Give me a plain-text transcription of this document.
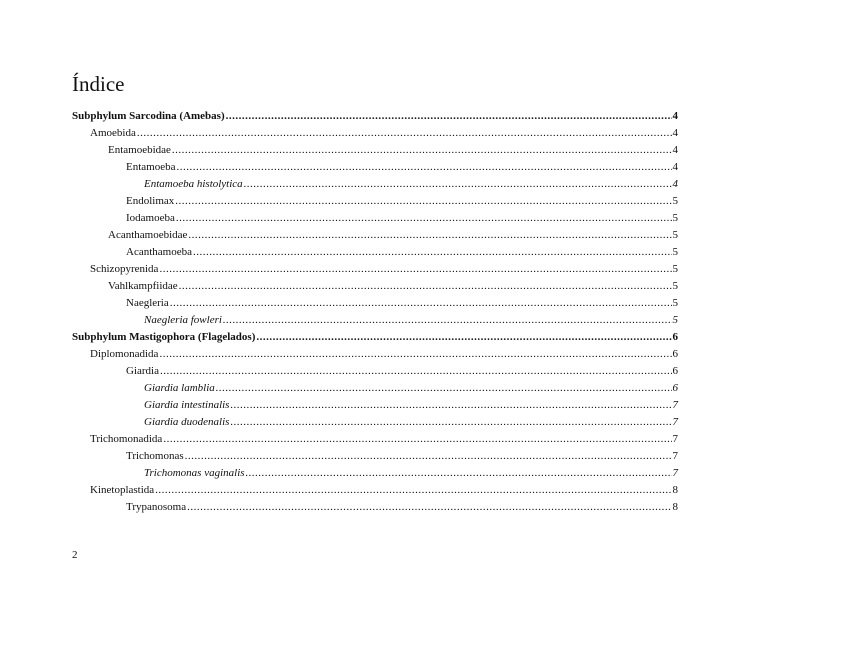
Índice
Subphylum Sarcodina (Amebas) .....	4
Amoebida .....	4
Entamoebidae .....	4
Entamoeba .....	4
Entamoeba histolytica .....	4
Endolimax .....	5
Iodamoeba .....	5
Acanthamoebidae .....	5
Acanthamoeba .....	5
Schizopyrenida .....	5
Vahlkampfiidae .....	5
Naegleria .....	5
Naegleria fowleri .....	5
Subphylum Mastigophora (Flagelados) .....	6
Diplomonadida .....	6
Giardia .....	6
Giardia lamblia .....	6
Giardia intestinalis .....	7
Giardia duodenalis .....	7
Trichomonadida .....	7
Trichomonas .....	7
Trichomonas vaginalis .....	7
Kinetoplastida .....	8
Trypanosoma .....	8
2
